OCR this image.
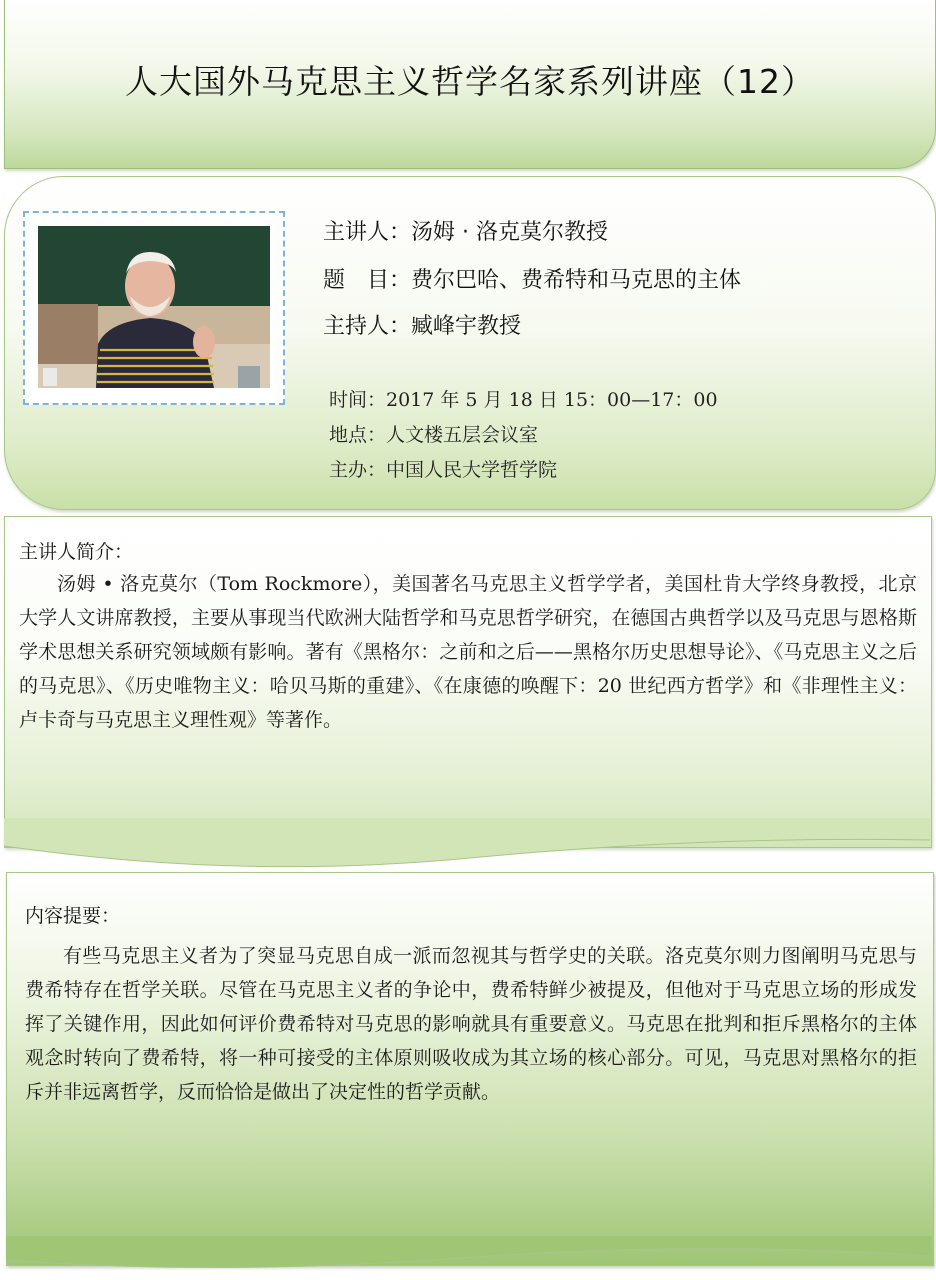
人大国外马克思主义哲学名家系列讲座（12）
主讲人：汤姆 · 洛克莫尔教授
题　目：费尔巴哈、费希特和马克思的主体
主持人：臧峰宇教授
时间：2017 年 5 月 18 日 15：00—17：00
地点：人文楼五层会议室
主办：中国人民大学哲学院
主讲人简介：
汤姆 • 洛克莫尔（Tom Rockmore），美国著名马克思主义哲学学者，美国杜肯大学终身教授，北京大学人文讲席教授，主要从事现当代欧洲大陆哲学和马克思哲学研究，在德国古典哲学以及马克思与恩格斯学术思想关系研究领域颇有影响。著有《黑格尔：之前和之后——黑格尔历史思想导论》、《马克思主义之后的马克思》、《历史唯物主义：哈贝马斯的重建》、《在康德的唤醒下：20 世纪西方哲学》和《非理性主义：卢卡奇与马克思主义理性观》等著作。
内容提要：
有些马克思主义者为了突显马克思自成一派而忽视其与哲学史的关联。洛克莫尔则力图阐明马克思与费希特存在哲学关联。尽管在马克思主义者的争论中，费希特鲜少被提及，但他对于马克思立场的形成发挥了关键作用，因此如何评价费希特对马克思的影响就具有重要意义。马克思在批判和拒斥黑格尔的主体观念时转向了费希特，将一种可接受的主体原则吸收成为其立场的核心部分。可见，马克思对黑格尔的拒斥并非远离哲学，反而恰恰是做出了决定性的哲学贡献。
